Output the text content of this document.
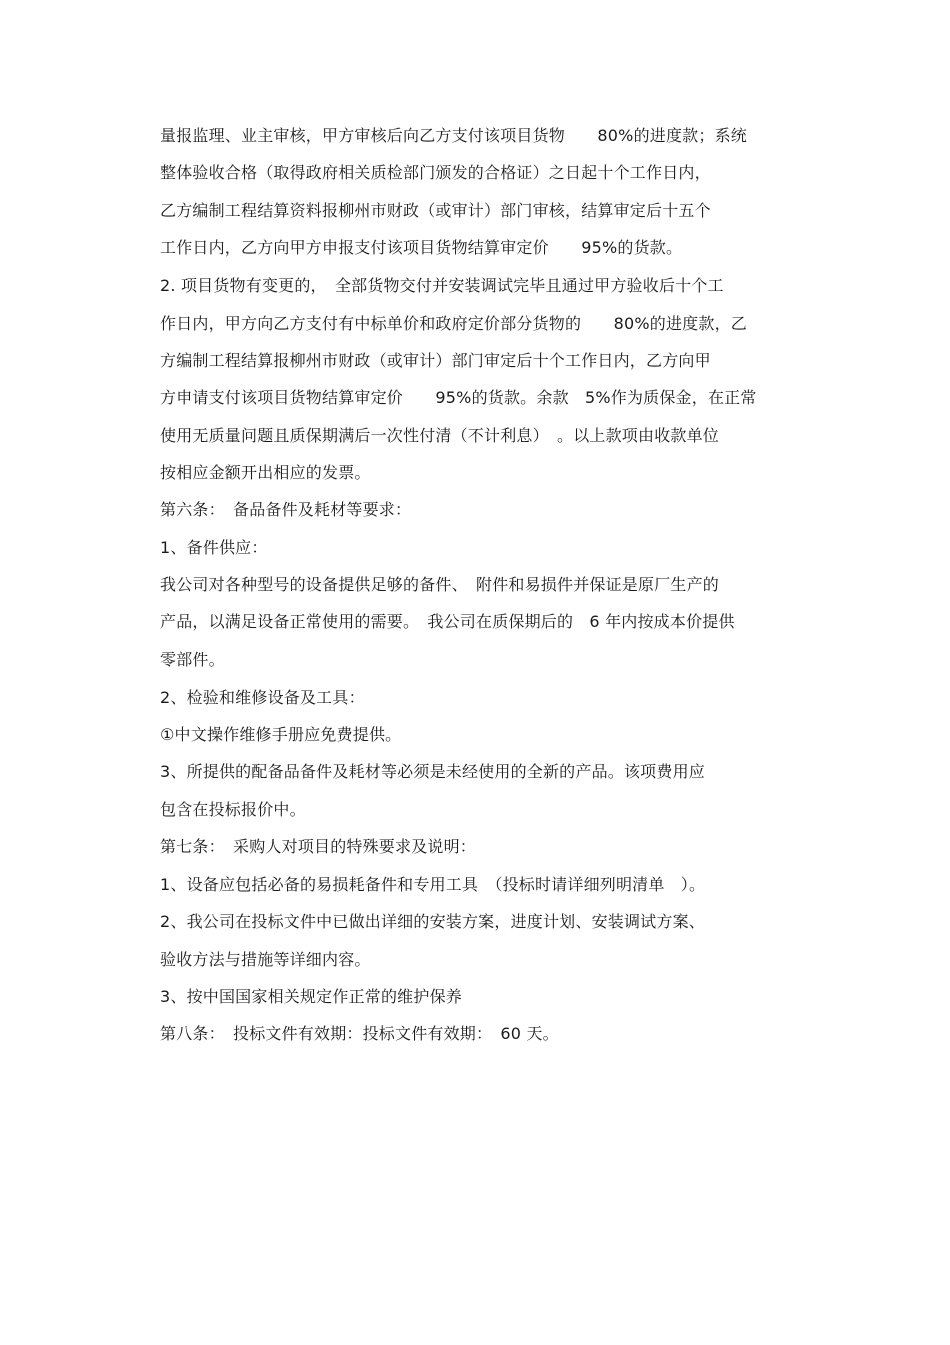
量报监理、业主审核，甲方审核后向乙方支付该项目货物　　80%的进度款；系统
整体验收合格（取得政府相关质检部门颁发的合格证）之日起十个工作日内，
乙方编制工程结算资料报柳州市财政（或审计）部门审核，结算审定后十五个
工作日内，乙方向甲方申报支付该项目货物结算审定价　　95%的货款。
2. 项目货物有变更的，　全部货物交付并安装调试完毕且通过甲方验收后十个工
作日内，甲方向乙方支付有中标单价和政府定价部分货物的　　80%的进度款，乙
方编制工程结算报柳州市财政（或审计）部门审定后十个工作日内，乙方向甲
方申请支付该项目货物结算审定价　　95%的货款。余款　5%作为质保金，在正常
使用无质量问题且质保期满后一次性付清（不计利息）　。以上款项由收款单位
按相应金额开出相应的发票。
第六条：　备品备件及耗材等要求：
1、备件供应：
我公司对各种型号的设备提供足够的备件、　附件和易损件并保证是原厂生产的
产品，以满足设备正常使用的需要。　我公司在质保期后的　6 年内按成本价提供
零部件。
2、检验和维修设备及工具：
①中文操作维修手册应免费提供。
3、所提供的配备品备件及耗材等必须是未经使用的全新的产品。该项费用应
包含在投标报价中。
第七条：　采购人对项目的特殊要求及说明：
1、设备应包括必备的易损耗备件和专用工具　（投标时请详细列明清单　）。
2、我公司在投标文件中已做出详细的安装方案，进度计划、安装调试方案、
验收方法与措施等详细内容。
3、按中国国家相关规定作正常的维护保养
第八条：　投标文件有效期：投标文件有效期：　60 天。
